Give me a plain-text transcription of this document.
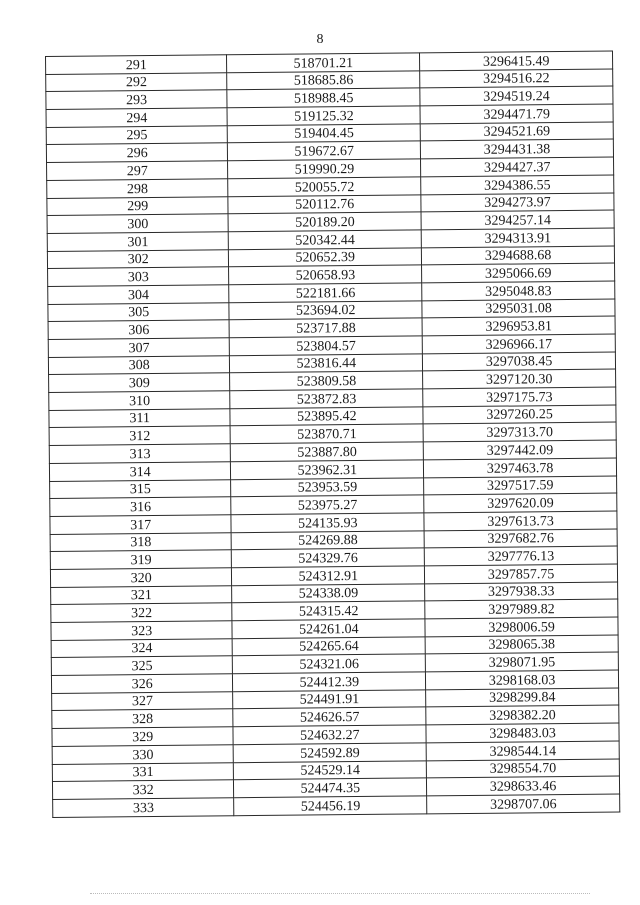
8
291	518701.21	3296415.49
292	518685.86	3294516.22
293	518988.45	3294519.24
294	519125.32	3294471.79
295	519404.45	3294521.69
296	519672.67	3294431.38
297	519990.29	3294427.37
298	520055.72	3294386.55
299	520112.76	3294273.97
300	520189.20	3294257.14
301	520342.44	3294313.91
302	520652.39	3294688.68
303	520658.93	3295066.69
304	522181.66	3295048.83
305	523694.02	3295031.08
306	523717.88	3296953.81
307	523804.57	3296966.17
308	523816.44	3297038.45
309	523809.58	3297120.30
310	523872.83	3297175.73
311	523895.42	3297260.25
312	523870.71	3297313.70
313	523887.80	3297442.09
314	523962.31	3297463.78
315	523953.59	3297517.59
316	523975.27	3297620.09
317	524135.93	3297613.73
318	524269.88	3297682.76
319	524329.76	3297776.13
320	524312.91	3297857.75
321	524338.09	3297938.33
322	524315.42	3297989.82
323	524261.04	3298006.59
324	524265.64	3298065.38
325	524321.06	3298071.95
326	524412.39	3298168.03
327	524491.91	3298299.84
328	524626.57	3298382.20
329	524632.27	3298483.03
330	524592.89	3298544.14
331	524529.14	3298554.70
332	524474.35	3298633.46
333	524456.19	3298707.06
